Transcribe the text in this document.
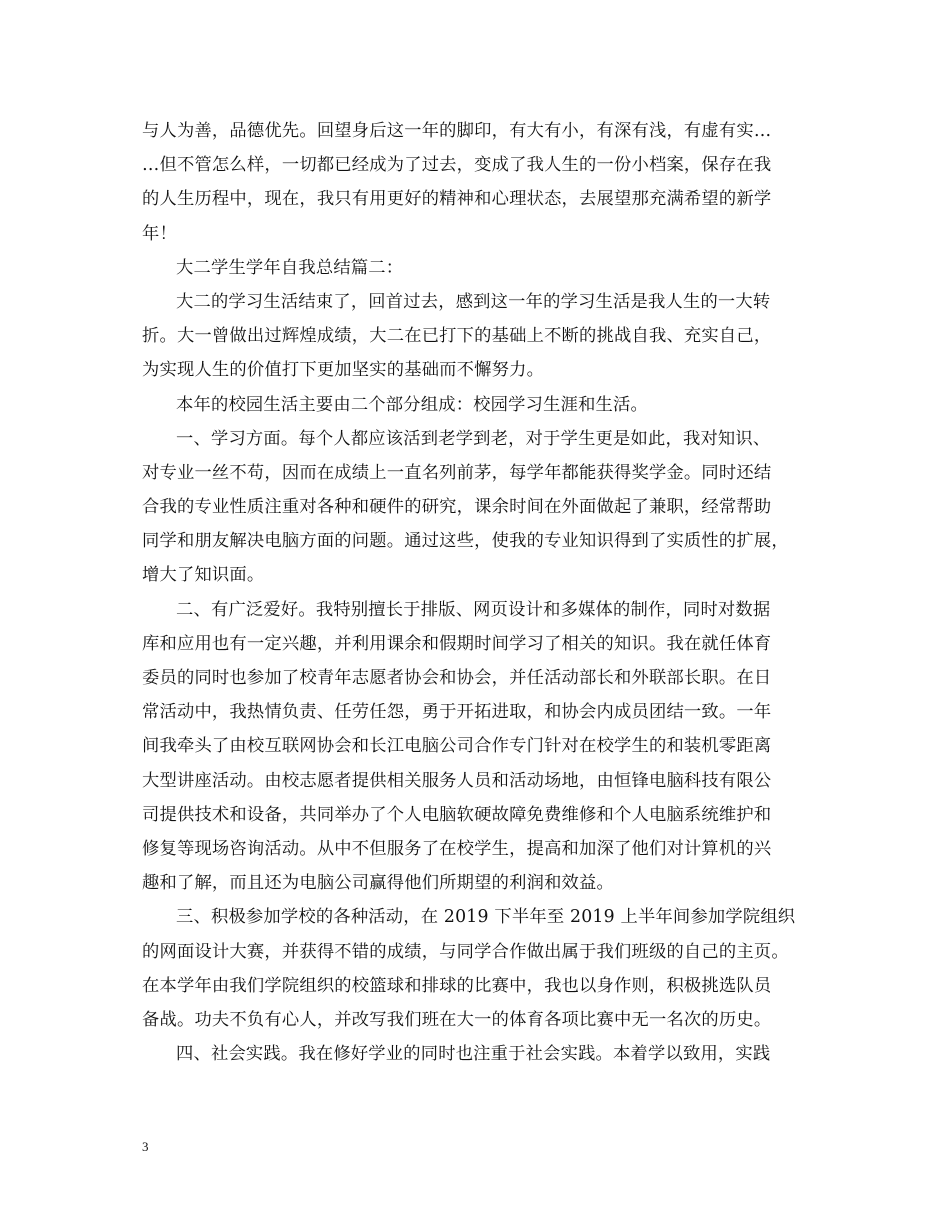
与人为善，品德优先。回望身后这一年的脚印，有大有小，有深有浅，有虚有实…
…但不管怎么样，一切都已经成为了过去，变成了我人生的一份小档案，保存在我
的人生历程中，现在，我只有用更好的精神和心理状态，去展望那充满希望的新学
年！
大二学生学年自我总结篇二：
大二的学习生活结束了，回首过去，感到这一年的学习生活是我人生的一大转
折。大一曾做出过辉煌成绩，大二在已打下的基础上不断的挑战自我、充实自己，
为实现人生的价值打下更加坚实的基础而不懈努力。
本年的校园生活主要由二个部分组成：校园学习生涯和生活。
一、学习方面。每个人都应该活到老学到老，对于学生更是如此，我对知识、
对专业一丝不苟，因而在成绩上一直名列前茅，每学年都能获得奖学金。同时还结
合我的专业性质注重对各种和硬件的研究，课余时间在外面做起了兼职，经常帮助
同学和朋友解决电脑方面的问题。通过这些，使我的专业知识得到了实质性的扩展，
增大了知识面。
二、有广泛爱好。我特别擅长于排版、网页设计和多媒体的制作，同时对数据
库和应用也有一定兴趣，并利用课余和假期时间学习了相关的知识。我在就任体育
委员的同时也参加了校青年志愿者协会和协会，并任活动部长和外联部长职。在日
常活动中，我热情负责、任劳任怨，勇于开拓进取，和协会内成员团结一致。一年
间我牵头了由校互联网协会和长江电脑公司合作专门针对在校学生的和装机零距离
大型讲座活动。由校志愿者提供相关服务人员和活动场地，由恒锋电脑科技有限公
司提供技术和设备，共同举办了个人电脑软硬故障免费维修和个人电脑系统维护和
修复等现场咨询活动。从中不但服务了在校学生，提高和加深了他们对计算机的兴
趣和了解，而且还为电脑公司赢得他们所期望的利润和效益。
三、积极参加学校的各种活动，在 2019 下半年至 2019 上半年间参加学院组织
的网面设计大赛，并获得不错的成绩，与同学合作做出属于我们班级的自己的主页。
在本学年由我们学院组织的校篮球和排球的比赛中，我也以身作则，积极挑选队员
备战。功夫不负有心人，并改写我们班在大一的体育各项比赛中无一名次的历史。
四、社会实践。我在修好学业的同时也注重于社会实践。本着学以致用，实践
3
